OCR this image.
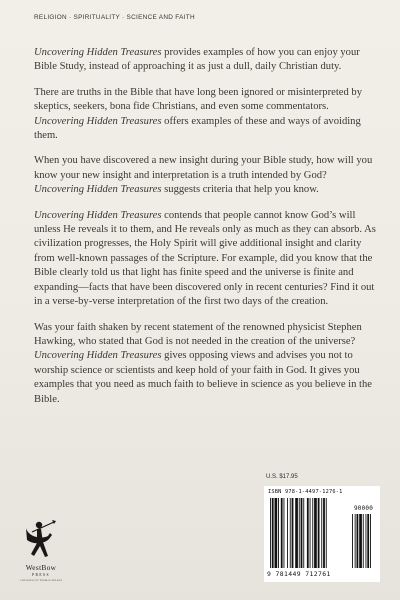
RELIGION · SPIRITUALITY · SCIENCE AND FAITH

Uncovering Hidden Treasures provides examples of how you can enjoy your Bible Study, instead of approaching it as just a dull, daily Christian duty.

There are truths in the Bible that have long been ignored or misinterpreted by skeptics, seekers, bona fide Christians, and even some commentators. Uncovering Hidden Treasures offers examples of these and ways of avoiding them.

When you have discovered a new insight during your Bible study, how will you know your new insight and interpretation is a truth intended by God? Uncovering Hidden Treasures suggests criteria that help you know.

Uncovering Hidden Treasures contends that people cannot know God’s will unless He reveals it to them, and He reveals only as much as they can absorb. As civilization progresses, the Holy Spirit will give additional insight and clarity from well-known passages of the Scripture. For example, did you know that the Bible clearly told us that light has finite speed and the universe is finite and expanding—facts that have been discovered only in recent centuries? Find it out in a verse-by-verse interpretation of the first two days of the creation.

Was your faith shaken by recent statement of the renowned physicist Stephen Hawking, who stated that God is not needed in the creation of the universe? Uncovering Hidden Treasures gives opposing views and advises you not to worship science or scientists and keep hold of your faith in God. It gives you examples that you need as much faith to believe in science as you believe in the Bible.

U.S. $17.95
ISBN 978-1-4497-1276-1
90000
9 781449 712761
WestBow
PRESS
A DIVISION OF THOMAS NELSON
